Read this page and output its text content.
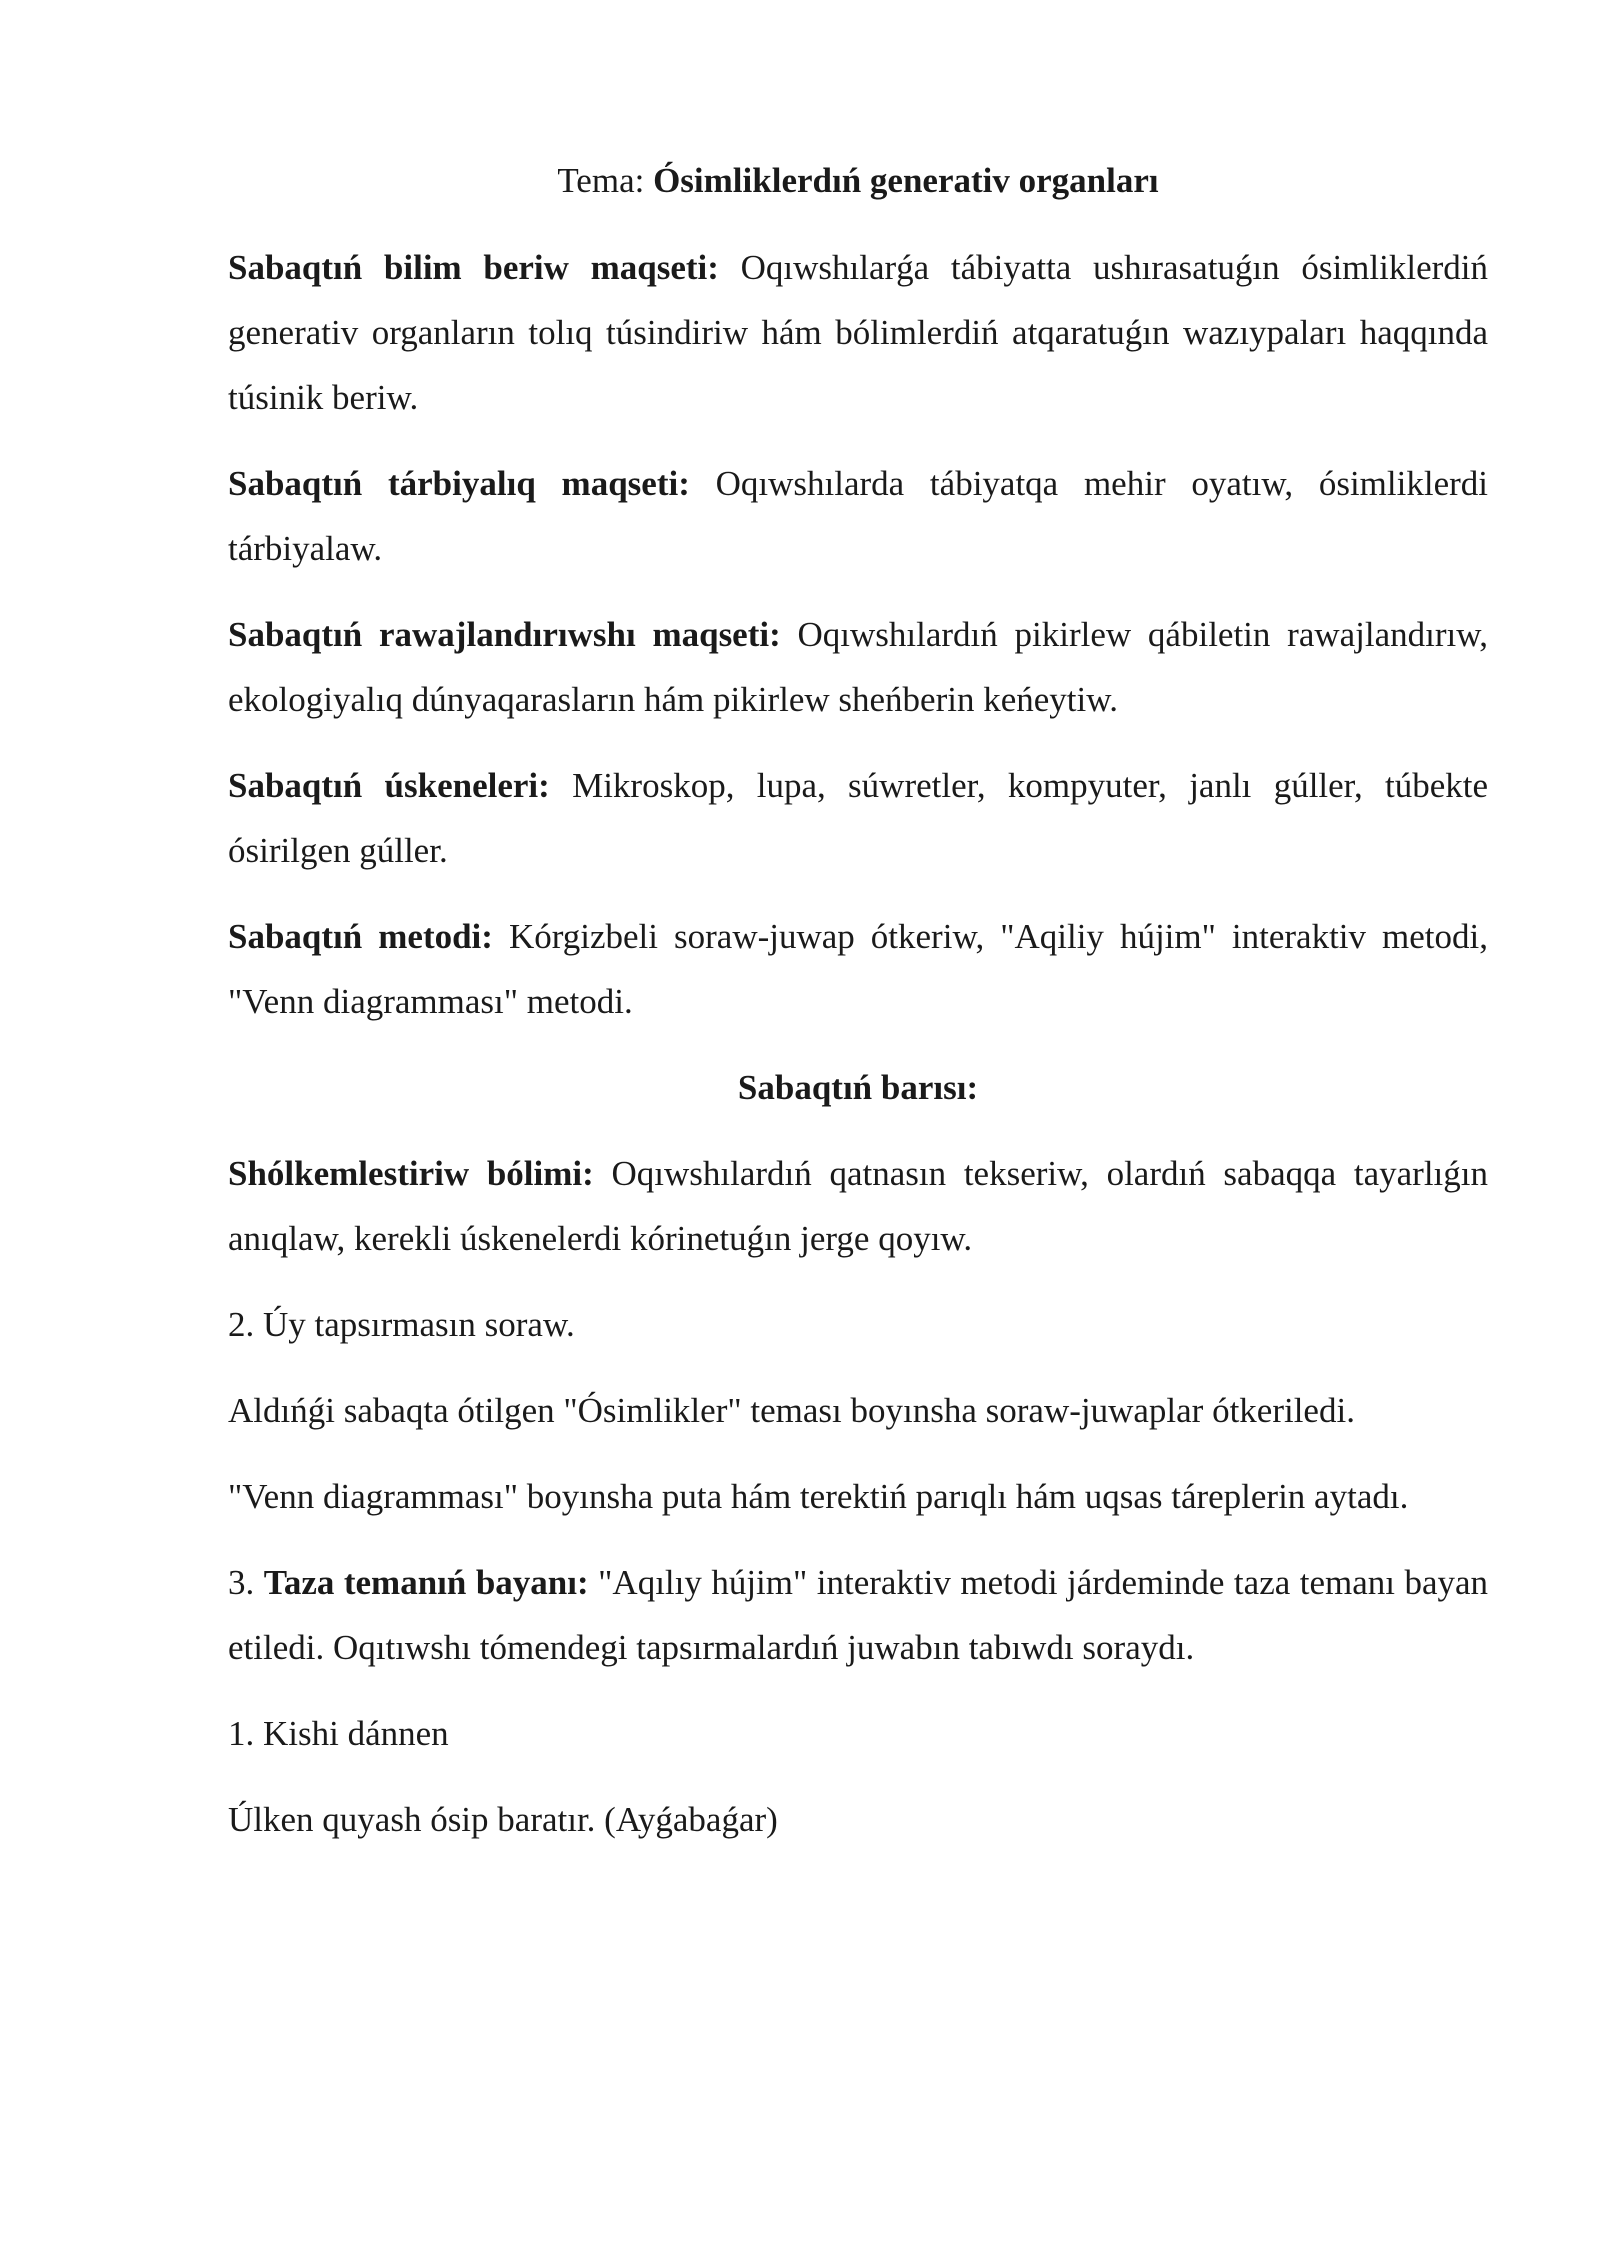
Tema: Ósimliklerdıń generativ organları

Sabaqtıń bilim beriw maqseti: Oqıwshılarǵa tábiyatta ushırasatuǵın ósimliklerdiń generativ organların tolıq túsindiriw hám bólimlerdiń atqaratuǵın wazıypaları haqqında túsinik beriw.

Sabaqtıń tárbiyalıq maqseti: Oqıwshılarda tábiyatqa mehir oyatıw, ósimliklerdi tárbiyalaw.

Sabaqtıń rawajlandırıwshı maqseti: Oqıwshılardıń pikirlew qábiletin rawajlandırıw, ekologiyalıq dúnyaqarasların hám pikirlew sheńberin keńeytiw.

Sabaqtıń úskeneleri: Mikroskop, lupa, súwretler, kompyuter, janlı gúller, túbekte ósirilgen gúller.

Sabaqtıń metodi: Kórgizbeli soraw-juwap ótkeriw, "Aqiliy hújim" interaktiv metodi, "Venn diagramması" metodi.

Sabaqtıń barısı:

Shólkemlestiriw bólimi: Oqıwshılardıń qatnasın tekseriw, olardıń sabaqqa tayarlıǵın anıqlaw, kerekli úskenelerdi kórinetuǵın jerge qoyıw.

2. Úy tapsırmasın soraw.

Aldıńǵi sabaqta ótilgen "Ósimlikler" teması boyınsha soraw-juwaplar ótkeriledi.

"Venn diagramması" boyınsha puta hám terektiń parıqlı hám uqsas táreplerin aytadı.

3. Taza temanıń bayanı: "Aqılıy hújim" interaktiv metodi járdeminde taza temanı bayan etiledi. Oqıtıwshı tómendegi tapsırmalardıń juwabın tabıwdı soraydı.

1. Kishi dánnen

Úlken quyash ósip baratır. (Ayǵabaǵar)
